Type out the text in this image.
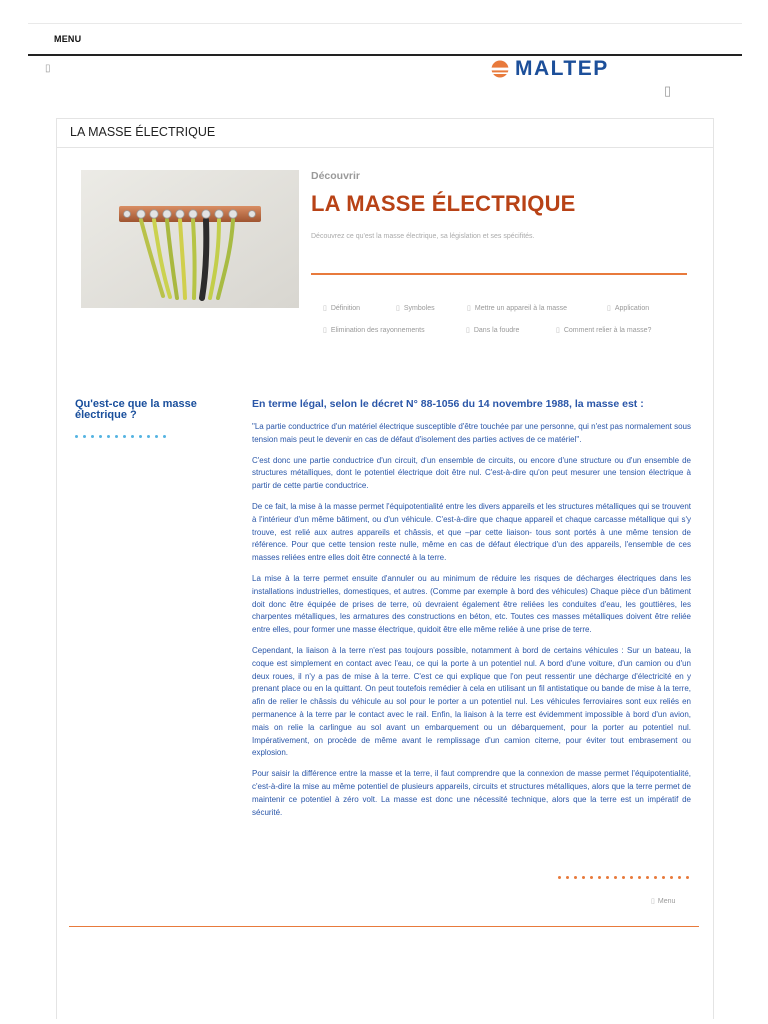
MENU
▯	MALTEP
▯
LA MASSE ÉLECTRIQUE
Découvrir
LA MASSE ÉLECTRIQUE
Découvrez ce qu'est la masse électrique, sa législation et ses spécifités.
▯ Définition	▯ Symboles	▯ Mettre un appareil à la masse	▯ Application
▯ Elimination des rayonnements	▯ Dans la foudre	▯ Comment relier à la masse?
Qu'est-ce que la masse électrique ?
En terme légal, selon le décret N° 88-1056 du 14 novembre 1988, la masse est :

"La partie conductrice d'un matériel électrique susceptible d'être touchée par une personne, qui n'est pas normalement sous tension mais peut le devenir en cas de défaut d'isolement des parties actives de ce matériel".

C'est donc une partie conductrice d'un circuit, d'un ensemble de circuits, ou encore d'une structure ou d'un ensemble de structures métalliques, dont le potentiel électrique doit être nul. C'est-à-dire qu'on peut mesurer une tension électrique à partir de cette partie conductrice.

De ce fait, la mise à la masse permet l'équipotentialité entre les divers appareils et les structures métalliques qui se trouvent à l'intérieur d'un même bâtiment, ou d'un véhicule. C'est-à-dire que chaque appareil et chaque carcasse métallique qui s'y trouve, est relié aux autres appareils et châssis, et que –par cette liaison- tous sont portés à une même tension de référence. Pour que cette tension reste nulle, même en cas de défaut électrique d'un des appareils, l'ensemble de ces masses reliées entre elles doit être connecté à la terre.

La mise à la terre permet ensuite d'annuler ou au minimum de réduire les risques de décharges électriques dans les installations industrielles, domestiques, et autres. (Comme par exemple à bord des véhicules) Chaque pièce d'un bâtiment doit donc être équipée de prises de terre, où devraient également être reliées les conduites d'eau, les gouttières, les charpentes métalliques, les armatures des constructions en béton, etc. Toutes ces masses métalliques doivent être reliée entre elles, pour former une masse électrique, quidoit être elle même reliée à une prise de terre.

Cependant, la liaison à la terre n'est pas toujours possible, notamment à bord de certains véhicules : Sur un bateau, la coque est simplement en contact avec l'eau, ce qui la porte à un potentiel nul. A bord d'une voiture, d'un camion ou d'un deux roues, il n'y a pas de mise à la terre. C'est ce qui explique que l'on peut ressentir une décharge d'électricité en y prenant place ou en la quittant. On peut toutefois remédier à cela en utilisant un fil antistatique ou bande de mise à la terre, afin de relier le châssis du véhicule au sol pour le porter a un potentiel nul. Les véhicules ferroviaires sont eux reliés en permanence à la terre par le contact avec le rail. Enfin, la liaison à la terre est évidemment impossible à bord d'un avion, mais on relie la carlingue au sol avant un embarquement ou un débarquement, pour la porter au potentiel nul. Impérativement, on procède de même avant le remplissage d'un camion citerne, pour éviter tout embrasement ou explosion.

Pour saisir la différence entre la masse et la terre, il faut comprendre que la connexion de masse permet l'équipotentialité, c'est-à-dire la mise au même potentiel de plusieurs appareils, circuits et structures métalliques, alors que la terre permet de maintenir ce potentiel à zéro volt. La masse est donc une nécessité technique, alors que la terre est un impératif de sécurité.

▯ Menu
